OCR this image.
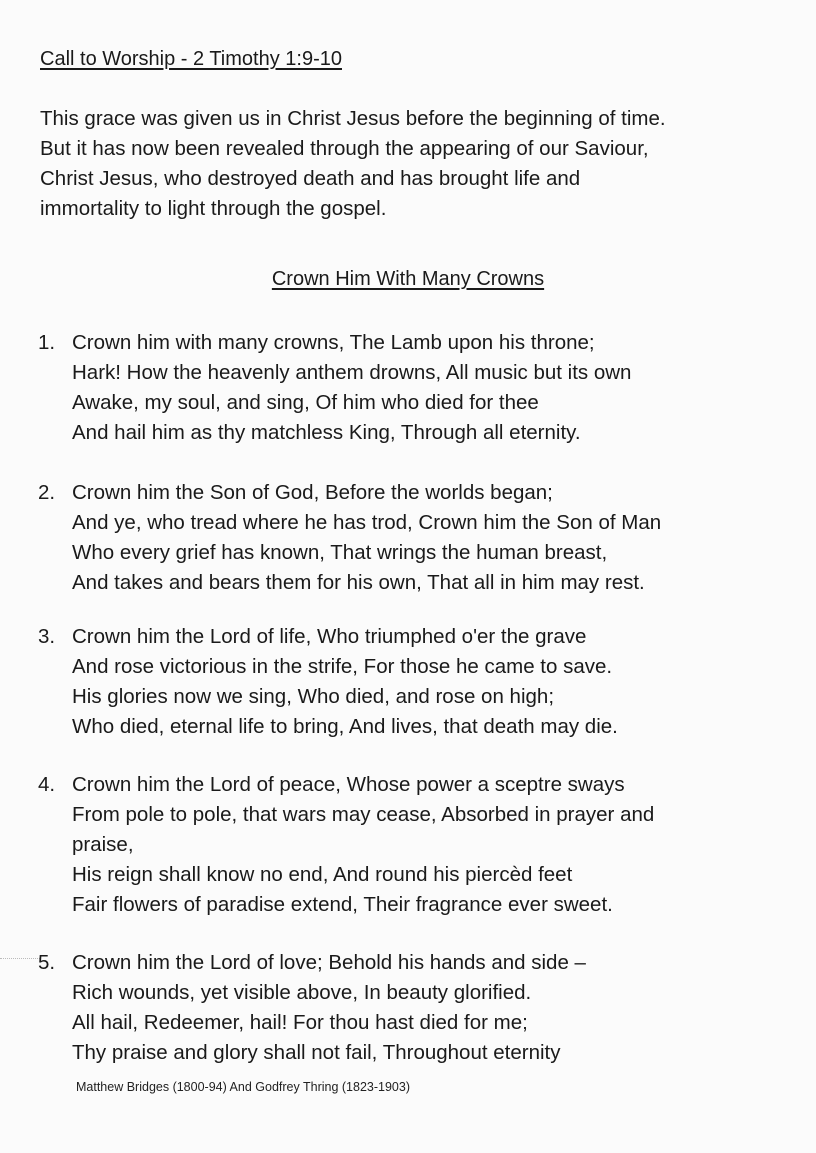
Call to Worship - 2 Timothy 1:9-10
This grace was given us in Christ Jesus before the beginning of time.
But it has now been revealed through the appearing of our Saviour,
Christ Jesus, who destroyed death and has brought life and
immortality to light through the gospel.
Crown Him With Many Crowns
1. Crown him with many crowns, The Lamb upon his throne;
Hark! How the heavenly anthem drowns, All music but its own
Awake, my soul, and sing, Of him who died for thee
And hail him as thy matchless King, Through all eternity.
2. Crown him the Son of God, Before the worlds began;
And ye, who tread where he has trod, Crown him the Son of Man
Who every grief has known, That wrings the human breast,
And takes and bears them for his own, That all in him may rest.
3. Crown him the Lord of life, Who triumphed o'er the grave
And rose victorious in the strife, For those he came to save.
His glories now we sing, Who died, and rose on high;
Who died, eternal life to bring, And lives, that death may die.
4. Crown him the Lord of peace, Whose power a sceptre sways
From pole to pole, that wars may cease, Absorbed in prayer and
praise,
His reign shall know no end, And round his piercèd feet
Fair flowers of paradise extend, Their fragrance ever sweet.
5. Crown him the Lord of love; Behold his hands and side –
Rich wounds, yet visible above, In beauty glorified.
All hail, Redeemer, hail! For thou hast died for me;
Thy praise and glory shall not fail, Throughout eternity
Matthew Bridges (1800-94) And Godfrey Thring (1823-1903)
